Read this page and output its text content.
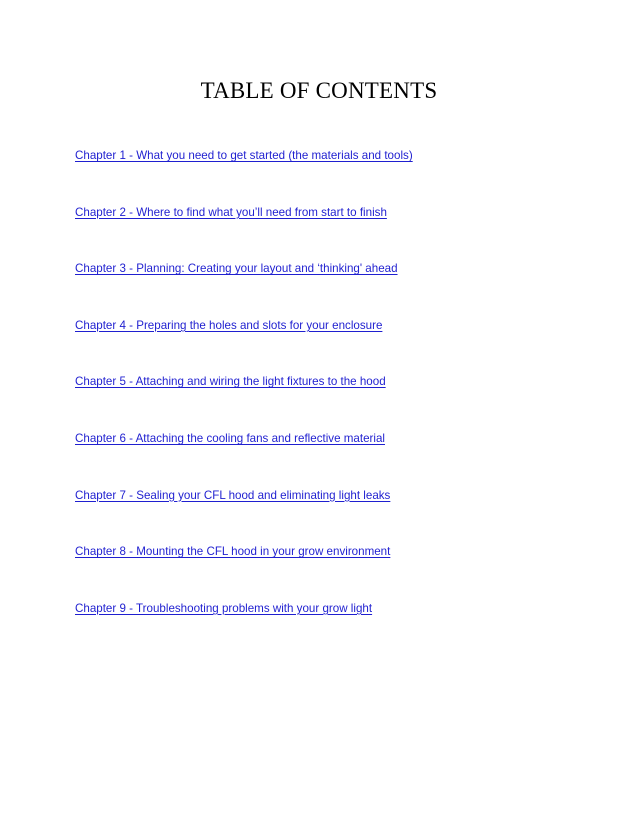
TABLE OF CONTENTS
Chapter 1 - What you need to get started (the materials and tools)
Chapter 2 - Where to find what you’ll need from start to finish
Chapter 3 - Planning: Creating your layout and ‘thinking' ahead
Chapter 4 - Preparing the holes and slots for your enclosure
Chapter 5 - Attaching and wiring the light fixtures to the hood
Chapter 6 - Attaching the cooling fans and reflective material
Chapter 7 - Sealing your CFL hood and eliminating light leaks
Chapter 8 - Mounting the CFL hood in your grow environment
Chapter 9 - Troubleshooting problems with your grow light
